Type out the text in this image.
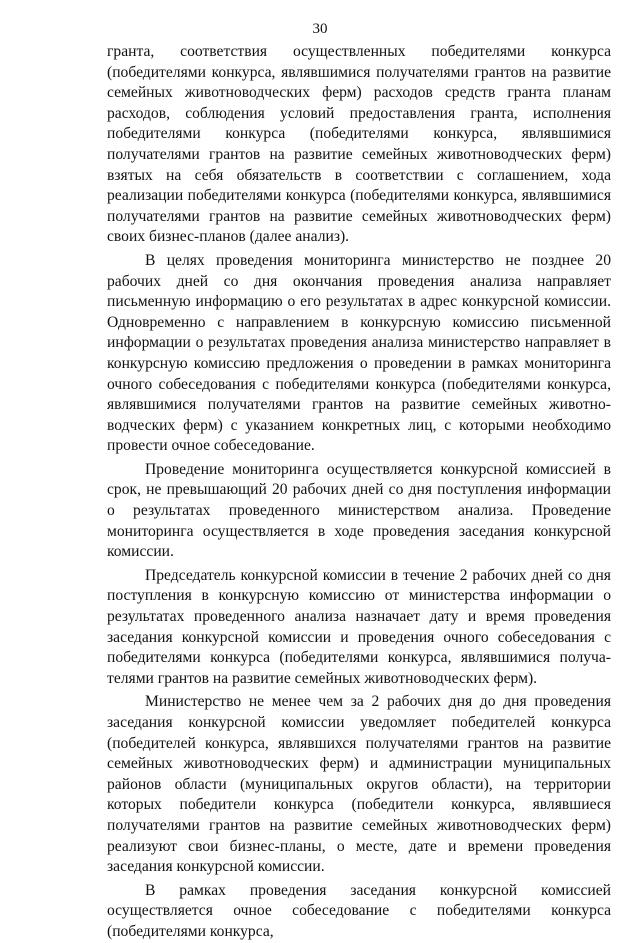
30

гранта, соответствия осуществленных победителями конкурса (победителями конкурса, являвшимися получателями грантов на развитие семейных животноводческих ферм) расходов средств гранта планам расходов, соблюдения условий предоставления гранта, исполнения победителями конкурса (победителями конкурса, являвшимися получателями грантов на развитие семейных животноводческих ферм) взятых на себя обязательств в соответствии с соглашением, хода реализации победителями конкурса (победителями конкурса, являвшимися получателями грантов на развитие семейных животноводческих ферм) своих бизнес-планов (далее анализ).

В целях проведения мониторинга министерство не позднее 20 рабочих дней со дня окончания проведения анализа направляет письменную информацию о его результатах в адрес конкурсной комиссии. Одновременно с направлением в конкурсную комиссию письменной информации о результатах проведения анализа министерство направляет в конкурсную комиссию предложения о проведении в рамках мониторинга очного собеседования с победителями конкурса (победителями конкурса, являвшимися получателями грантов на развитие семейных животноводческих ферм) с указанием конкретных лиц, с которыми необходимо провести очное собеседование.

Проведение мониторинга осуществляется конкурсной комиссией в срок, не превышающий 20 рабочих дней со дня поступления информации о результатах проведенного министерством анализа. Проведение мониторинга осуществляется в ходе проведения заседания конкурсной комиссии.

Председатель конкурсной комиссии в течение 2 рабочих дней со дня поступления в конкурсную комиссию от министерства информации о результатах проведенного анализа назначает дату и время проведения заседания конкурсной комиссии и проведения очного собеседования с победителями конкурса (победителями конкурса, являвшимися получателями грантов на развитие семейных животноводческих ферм).

Министерство не менее чем за 2 рабочих дня до дня проведения заседания конкурсной комиссии уведомляет победителей конкурса (победителей конкурса, являвшихся получателями грантов на развитие семейных животноводческих ферм) и администрации муниципальных районов области (муниципальных округов области), на территории которых победители конкурса (победители конкурса, являвшиеся получателями грантов на развитие семейных животноводческих ферм) реализуют свои бизнес-планы, о месте, дате и времени проведения заседания конкурсной комиссии.

В рамках проведения заседания конкурсной комиссией осуществляется очное собеседование с победителями конкурса (победителями конкурса,
